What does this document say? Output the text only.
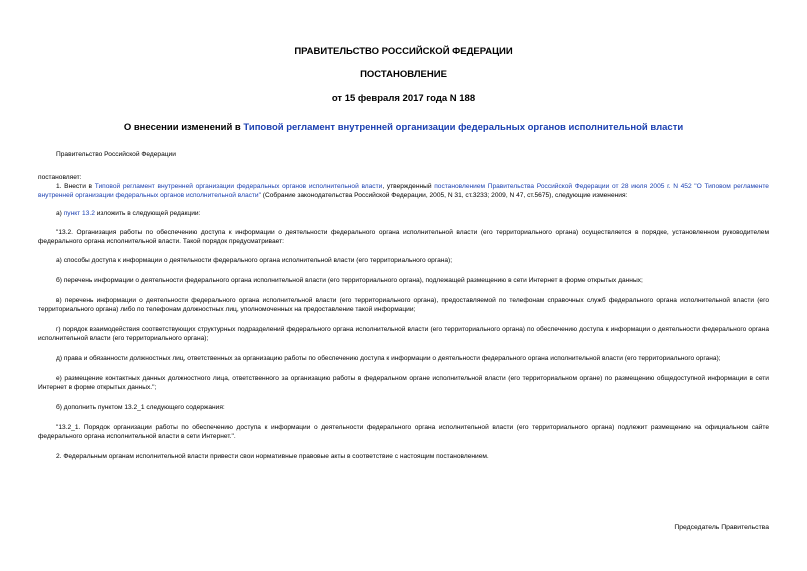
ПРАВИТЕЛЬСТВО РОССИЙСКОЙ ФЕДЕРАЦИИ
ПОСТАНОВЛЕНИЕ
от 15 февраля 2017 года N 188
О внесении изменений в Типовой регламент внутренней организации федеральных органов исполнительной власти

Правительство Российской Федерации

постановляет:

1. Внести в Типовой регламент внутренней организации федеральных органов исполнительной власти, утвержденный постановлением Правительства Российской Федерации от 28 июля 2005 г. N 452 "О Типовом регламенте внутренней организации федеральных органов исполнительной власти" (Собрание законодательства Российской Федерации, 2005, N 31, ст.3233; 2009, N 47, ст.5675), следующие изменения:

а) пункт 13.2 изложить в следующей редакции:

"13.2. Организация работы по обеспечению доступа к информации о деятельности федерального органа исполнительной власти (его территориального органа) осуществляется в порядке, установленном руководителем федерального органа исполнительной власти. Такой порядок предусматривает:

а) способы доступа к информации о деятельности федерального органа исполнительной власти (его территориального органа);

б) перечень информации о деятельности федерального органа исполнительной власти (его территориального органа), подлежащей размещению в сети Интернет в форме открытых данных;

в) перечень информации о деятельности федерального органа исполнительной власти (его территориального органа), предоставляемой по телефонам справочных служб федерального органа исполнительной власти (его территориального органа) либо по телефонам должностных лиц, уполномоченных на предоставление такой информации;

г) порядок взаимодействия соответствующих структурных подразделений федерального органа исполнительной власти (его территориального органа) по обеспечению доступа к информации о деятельности федерального органа исполнительной власти (его территориального органа);

д) права и обязанности должностных лиц, ответственных за организацию работы по обеспечению доступа к информации о деятельности федерального органа исполнительной власти (его территориального органа);

е) размещение контактных данных должностного лица, ответственного за организацию работы в федеральном органе исполнительной власти (его территориальном органе) по размещению общедоступной информации в сети Интернет в форме открытых данных.";

б) дополнить пунктом 13.2_1 следующего содержания:

"13.2_1. Порядок организации работы по обеспечению доступа к информации о деятельности федерального органа исполнительной власти (его территориального органа) подлежит размещению на официальном сайте федерального органа исполнительной власти в сети Интернет.".

2. Федеральным органам исполнительной власти привести свои нормативные правовые акты в соответствие с настоящим постановлением.

Председатель Правительства
